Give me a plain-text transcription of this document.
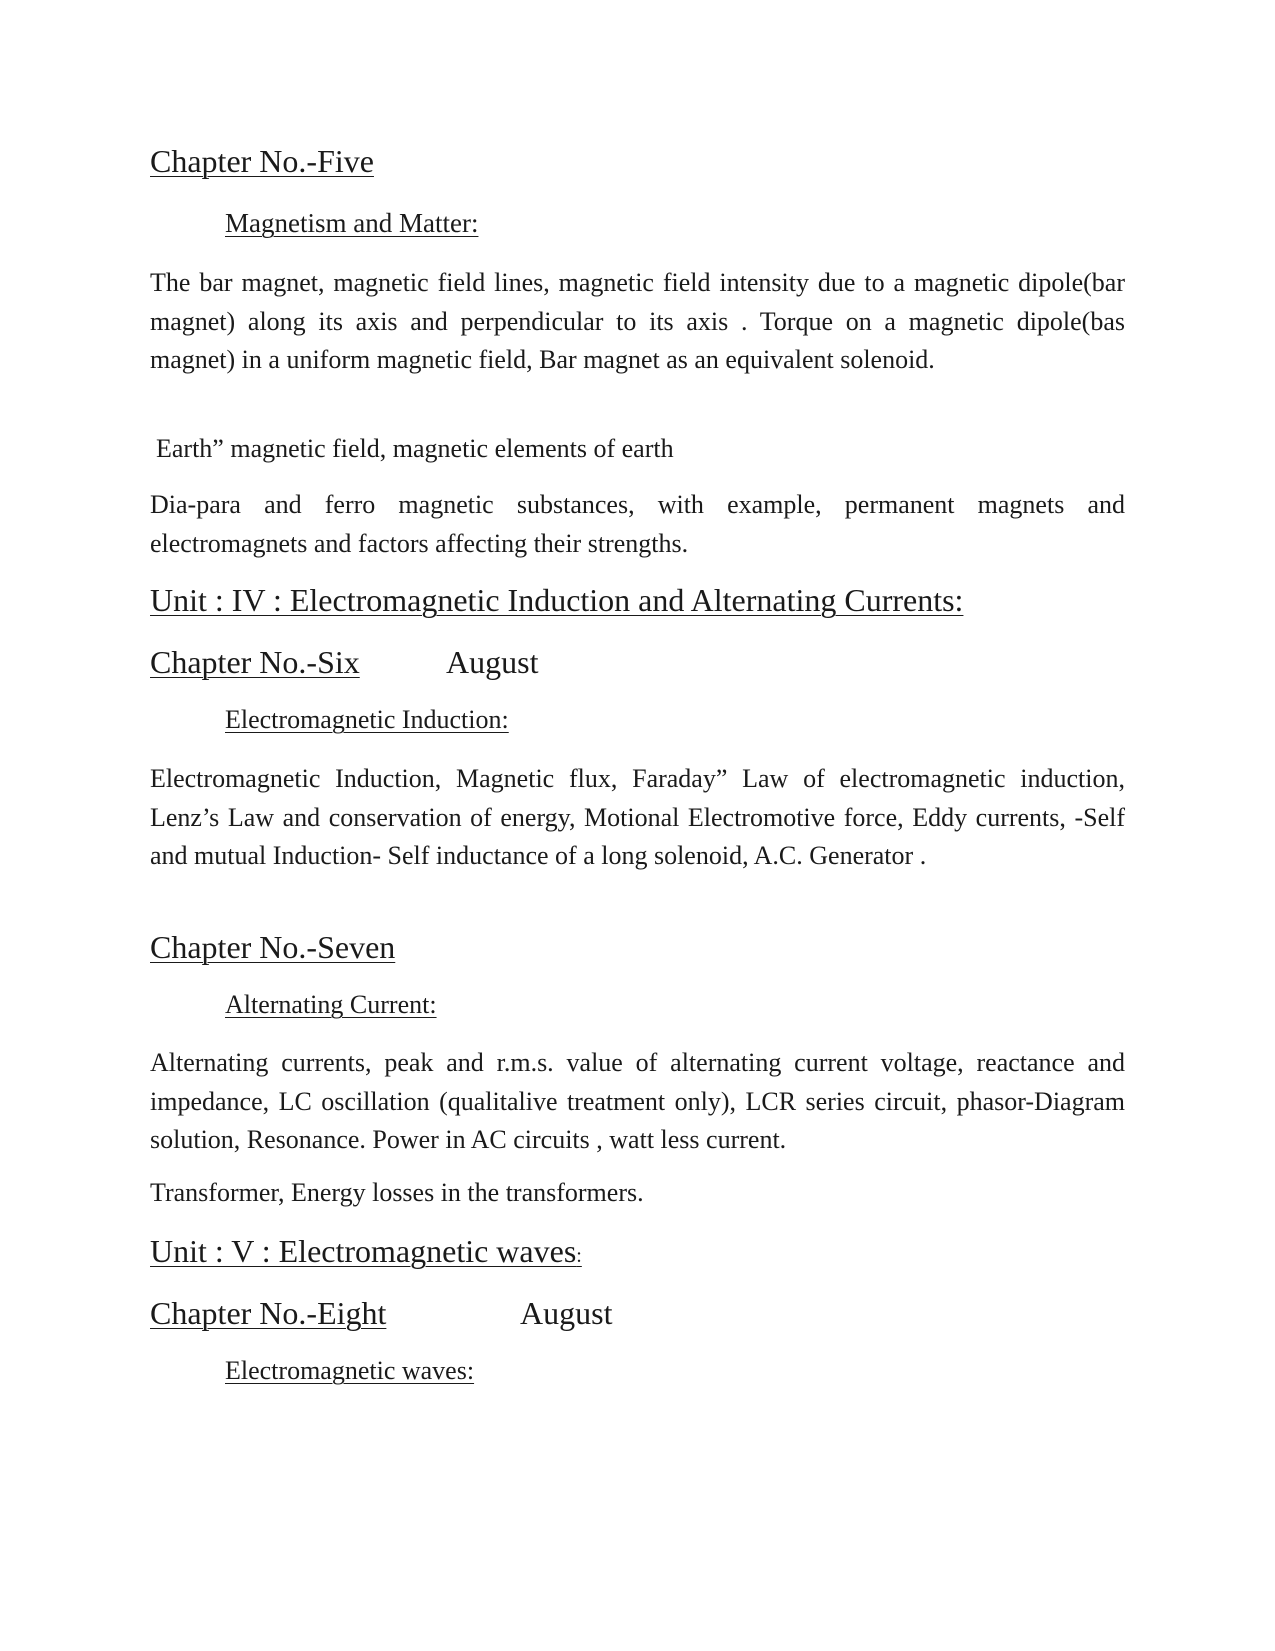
Chapter No.-Five
Magnetism and Matter:

The bar magnet, magnetic field lines, magnetic field intensity due to a magnetic dipole(bar magnet) along its axis and perpendicular to its axis . Torque on a magnetic dipole(bas magnet) in a uniform magnetic field, Bar magnet as an equivalent solenoid.

Earth” magnetic field, magnetic elements of earth

Dia-para and ferro magnetic substances, with example, permanent magnets and electromagnets and factors affecting their strengths.

Unit : IV : Electromagnetic Induction and Alternating Currents:
Chapter No.-Six	August
Electromagnetic Induction:

Electromagnetic Induction, Magnetic flux, Faraday” Law of electromagnetic induction, Lenz’s Law and conservation of energy, Motional Electromotive force, Eddy currents, -Self and mutual Induction- Self inductance of a long solenoid, A.C. Generator .

Chapter No.-Seven
Alternating Current:

Alternating currents, peak and r.m.s. value of alternating current voltage, reactance and impedance, LC oscillation (qualitalive treatment only), LCR series circuit, phasor-Diagram solution, Resonance. Power in AC circuits , watt less current.

Transformer, Energy losses in the transformers.

Unit : V : Electromagnetic waves:
Chapter No.-Eight	August
Electromagnetic waves:
